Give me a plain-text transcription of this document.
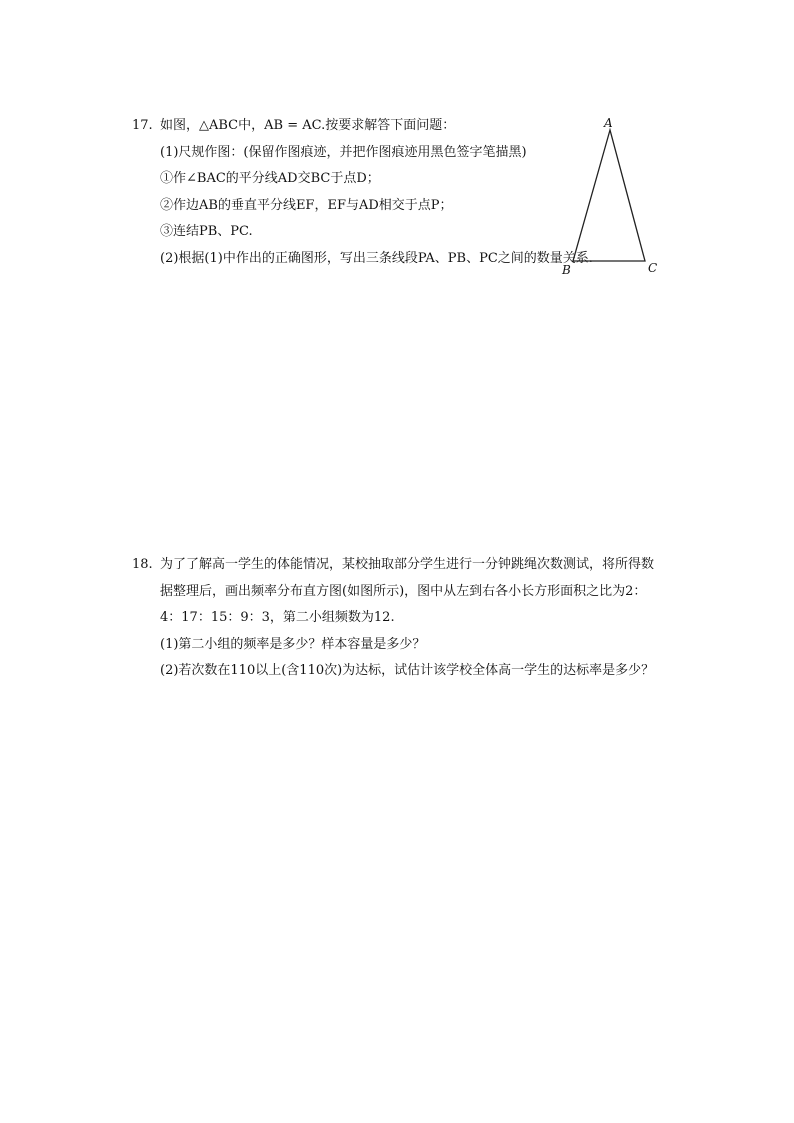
17. 如图，△ABC中，AB = AC.按要求解答下面问题：
(1)尺规作图：(保留作图痕迹，并把作图痕迹用黑色签字笔描黑)
①作∠BAC的平分线AD交BC于点D；
②作边AB的垂直平分线EF，EF与AD相交于点P；
③连结PB、PC.
(2)根据(1)中作出的正确图形，写出三条线段PA、PB、PC之间的数量关系.
A
B	C
18. 为了了解高一学生的体能情况，某校抽取部分学生进行一分钟跳绳次数测试，将所得数据整理后，画出频率分布直方图(如图所示)，图中从左到右各小长方形面积之比为2：4：17：15：9：3，第二小组频数为12.
(1)第二小组的频率是多少？样本容量是多少？
(2)若次数在110以上(含110次)为达标，试估计该学校全体高一学生的达标率是多少？
